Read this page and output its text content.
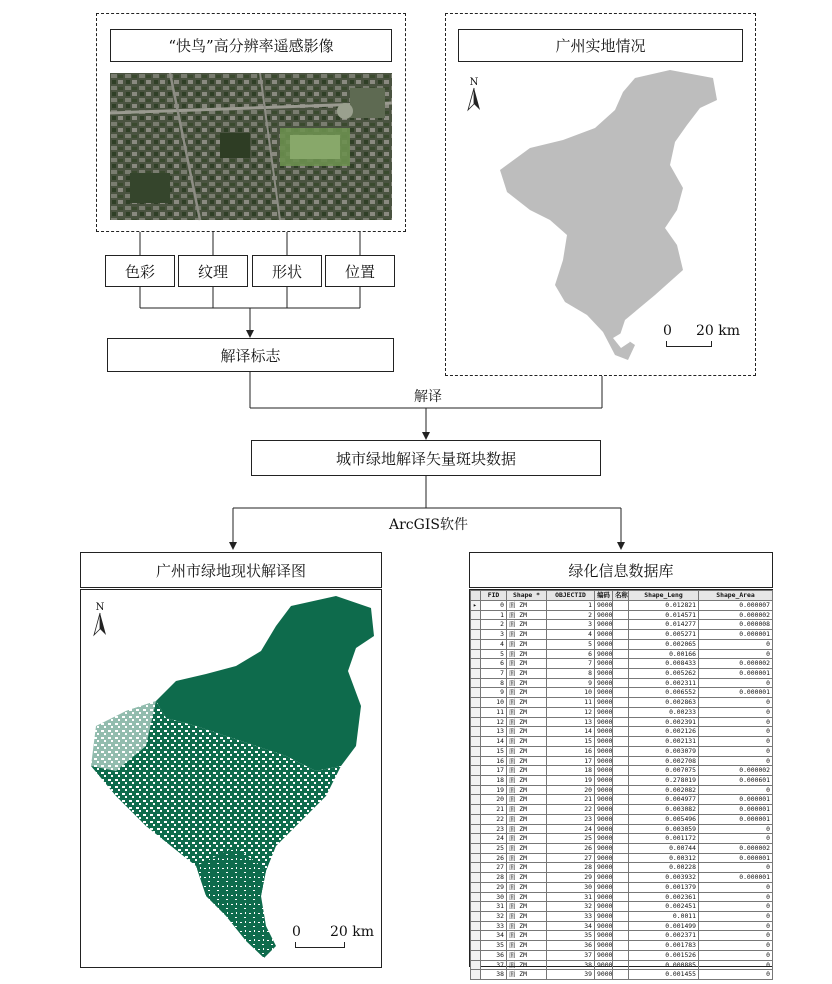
“快鸟”高分辨率遥感影像
色彩	纹理	形状	位置
解译标志
广州实地情况
N
0 20 km
解译
城市绿地解译矢量斑块数据
ArcGIS软件
广州市绿地现状解译图
N
0 20 km
绿化信息数据库
	FID	Shape *	OBJECTID	编码	名称	Shape_Leng	Shape_Area
▸	0	面 ZM	1	9000		0.012821	0.000007
	1	面 ZM	2	9000		0.014571	0.000002
	2	面 ZM	3	9000		0.014277	0.000008
	3	面 ZM	4	9000		0.005271	0.000001
	4	面 ZM	5	9000		0.002065	0
	5	面 ZM	6	9000		0.00166	0
	6	面 ZM	7	9000		0.008433	0.000002
	7	面 ZM	8	9000		0.005262	0.000001
	8	面 ZM	9	9000		0.002311	0
	9	面 ZM	10	9000		0.006552	0.000001
	10	面 ZM	11	9000		0.002863	0
	11	面 ZM	12	9000		0.00233	0
	12	面 ZM	13	9000		0.002391	0
	13	面 ZM	14	9000		0.002126	0
	14	面 ZM	15	9000		0.002131	0
	15	面 ZM	16	9000		0.003079	0
	16	面 ZM	17	9000		0.002708	0
	17	面 ZM	18	9000		0.007075	0.000002
	18	面 ZM	19	9000		0.278019	0.000601
	19	面 ZM	20	9000		0.002082	0
	20	面 ZM	21	9000		0.004977	0.000001
	21	面 ZM	22	9000		0.003082	0.000001
	22	面 ZM	23	9000		0.005496	0.000001
	23	面 ZM	24	9000		0.003059	0
	24	面 ZM	25	9000		0.001172	0
	25	面 ZM	26	9000		0.00744	0.000002
	26	面 ZM	27	9000		0.00312	0.000001
	27	面 ZM	28	9000		0.00228	0
	28	面 ZM	29	9000		0.003932	0.000001
	29	面 ZM	30	9000		0.001379	0
	30	面 ZM	31	9000		0.002361	0
	31	面 ZM	32	9000		0.002451	0
	32	面 ZM	33	9000		0.0011	0
	33	面 ZM	34	9000		0.001499	0
	34	面 ZM	35	9000		0.002371	0
	35	面 ZM	36	9000		0.001783	0
	36	面 ZM	37	9000		0.001526	0
	37	面 ZM	38	9000		0.000885	0
	38	面 ZM	39	9000		0.001455	0
